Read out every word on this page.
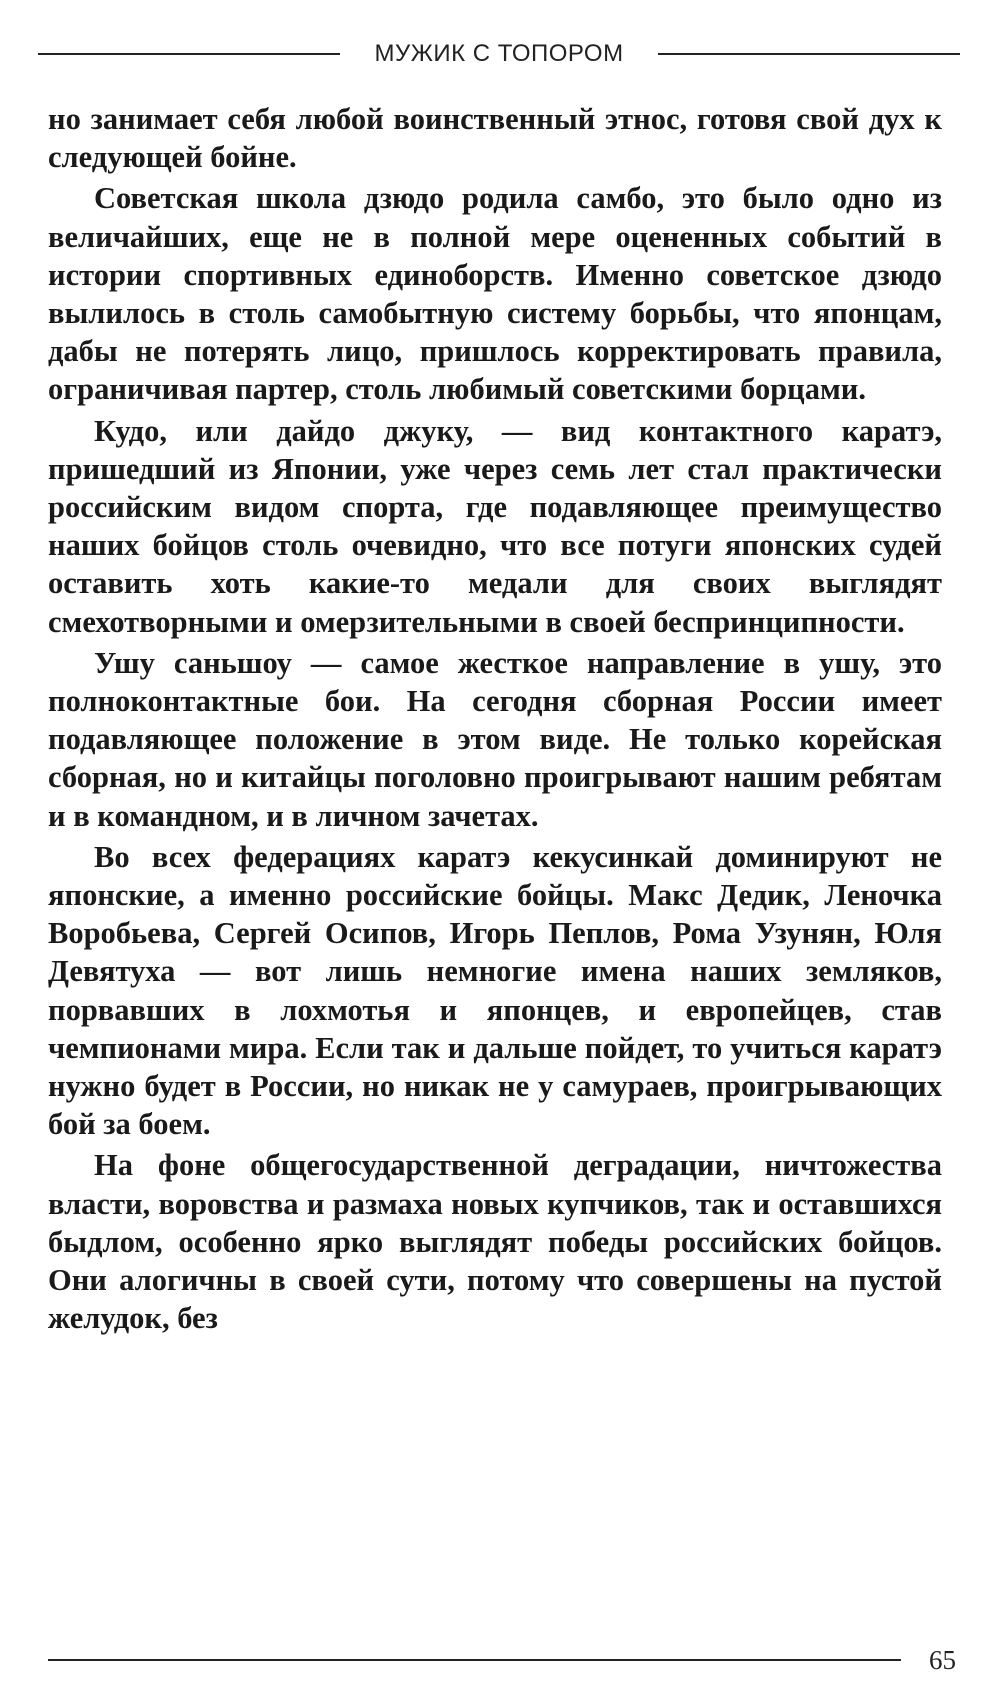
МУЖИК С ТОПОРОМ

но занимает себя любой воинственный этнос, готовя свой дух к следующей бойне.

Советская школа дзюдо родила самбо, это было одно из величайших, еще не в полной мере оцененных событий в истории спортивных единоборств. Именно советское дзюдо вылилось в столь самобытную систему борьбы, что японцам, дабы не потерять лицо, пришлось корректировать правила, ограничивая партер, столь любимый советскими борцами.

Кудо, или дайдо джуку, — вид контактного каратэ, пришедший из Японии, уже через семь лет стал практически российским видом спорта, где подавляющее преимущество наших бойцов столь очевидно, что все потуги японских судей оставить хоть какие-то медали для своих выглядят смехотворными и омерзительными в своей беспринципности.

Ушу саньшоу — самое жесткое направление в ушу, это полноконтактные бои. На сегодня сборная России имеет подавляющее положение в этом виде. Не только корейская сборная, но и китайцы поголовно проигрывают нашим ребятам и в командном, и в личном зачетах.

Во всех федерациях каратэ кекусинкай доминируют не японские, а именно российские бойцы. Макс Дедик, Леночка Воробьева, Сергей Осипов, Игорь Пеплов, Рома Узунян, Юля Девятуха — вот лишь немногие имена наших земляков, порвавших в лохмотья и японцев, и европейцев, став чемпионами мира. Если так и дальше пойдет, то учиться каратэ нужно будет в России, но никак не у самураев, проигрывающих бой за боем.

На фоне общегосударственной деградации, ничтожества власти, воровства и размаха новых купчиков, так и оставшихся быдлом, особенно ярко выглядят победы российских бойцов. Они алогичны в своей сути, потому что совершены на пустой желудок, без

65
